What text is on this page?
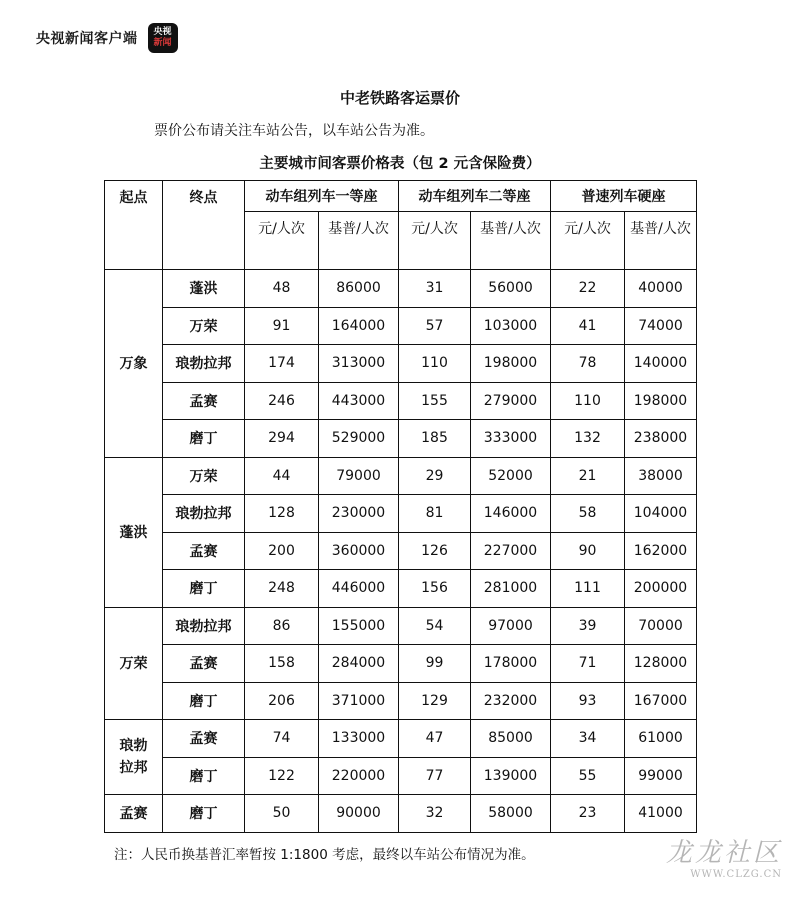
央视新闻客户端 央视
新闻
中老铁路客运票价
票价公布请关注车站公告，以车站公告为准。
主要城市间客票价格表（包 2 元含保险费）
起点	终点	动车组列车一等座		动车组列车二等座		普速列车硬座	
		元/人次	基普/人次	元/人次	基普/人次	元/人次	基普/人次
万象	蓬洪	48	86000	31	56000	22	40000
	万荣	91	164000	57	103000	41	74000
	琅勃拉邦	174	313000	110	198000	78	140000
	孟赛	246	443000	155	279000	110	198000
	磨丁	294	529000	185	333000	132	238000
蓬洪	万荣	44	79000	29	52000	21	38000
	琅勃拉邦	128	230000	81	146000	58	104000
	孟赛	200	360000	126	227000	90	162000
	磨丁	248	446000	156	281000	111	200000
万荣	琅勃拉邦	86	155000	54	97000	39	70000
	孟赛	158	284000	99	178000	71	128000
	磨丁	206	371000	129	232000	93	167000
琅勃拉邦	孟赛	74	133000	47	85000	34	61000
	磨丁	122	220000	77	139000	55	99000
孟赛	磨丁	50	90000	32	58000	23	41000
注：人民币换基普汇率暂按 1:1800 考虑，最终以车站公布情况为准。	龙龙社区
WWW.CLZG.CN
